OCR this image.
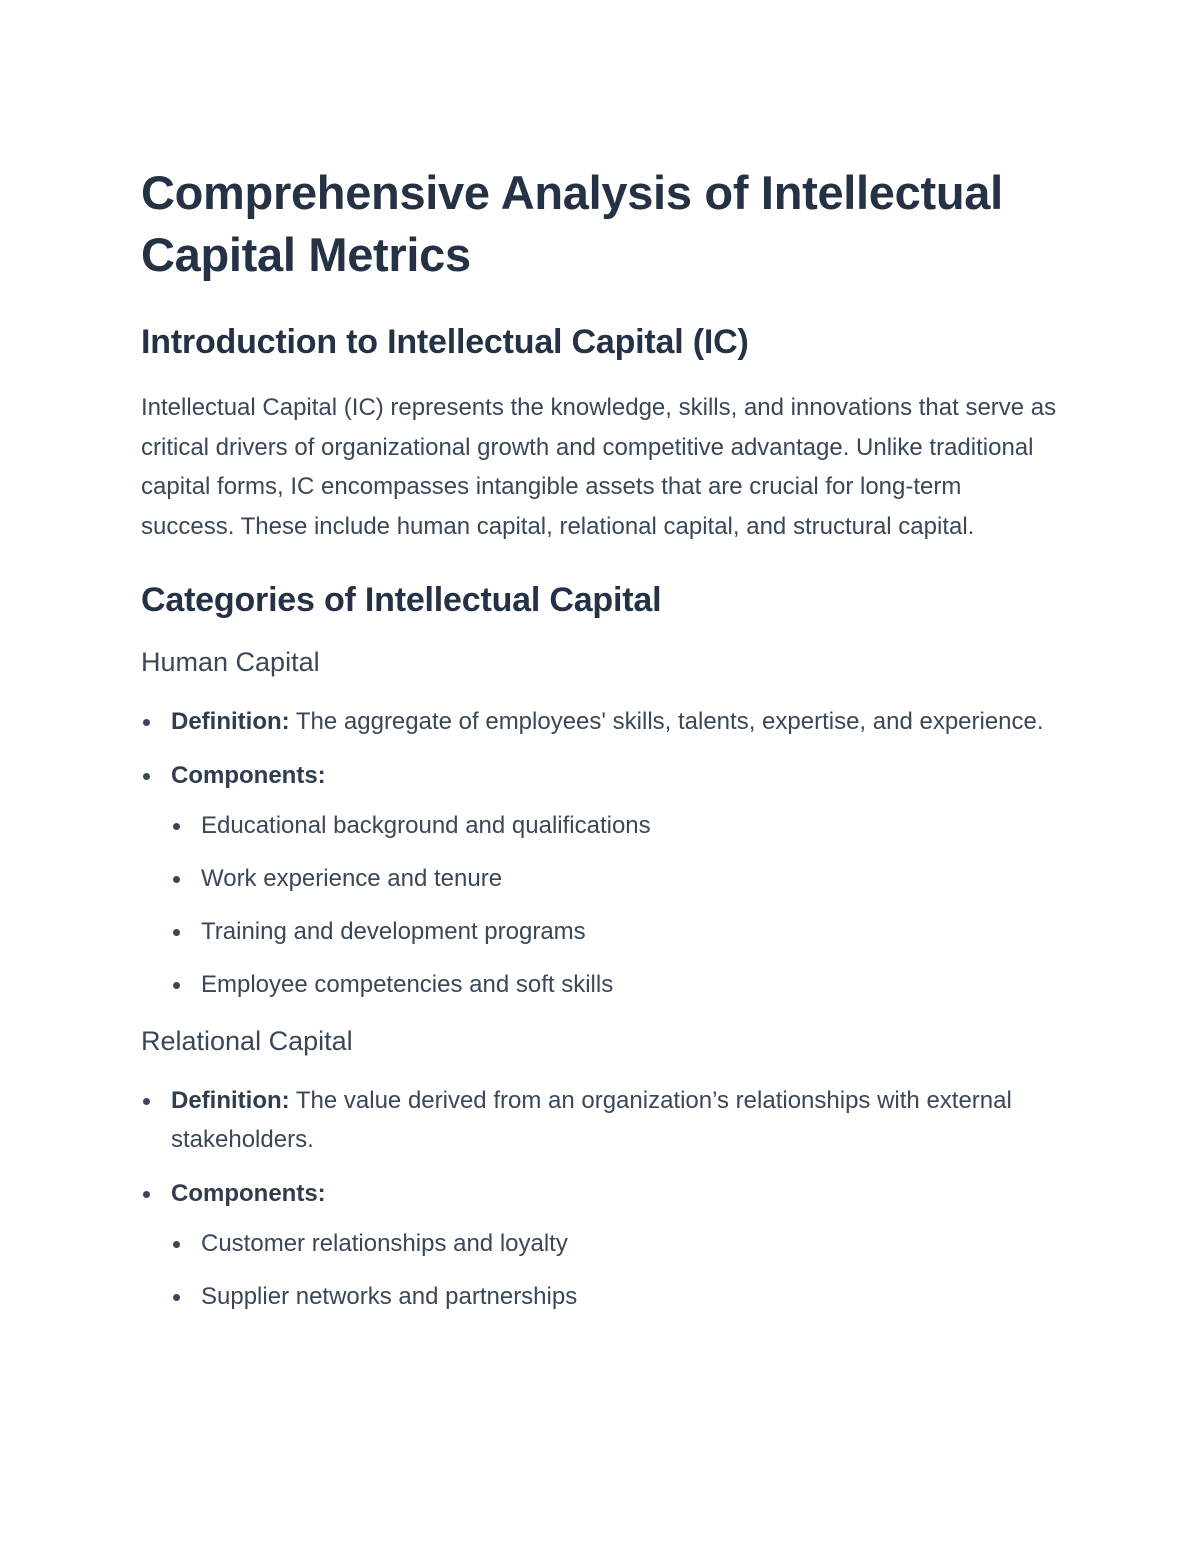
Comprehensive Analysis of Intellectual Capital Metrics
Introduction to Intellectual Capital (IC)

Intellectual Capital (IC) represents the knowledge, skills, and innovations that serve as critical drivers of organizational growth and competitive advantage. Unlike traditional capital forms, IC encompasses intangible assets that are crucial for long-term success. These include human capital, relational capital, and structural capital.

Categories of Intellectual Capital
Human Capital
Definition: The aggregate of employees' skills, talents, expertise, and experience.
Components:
Educational background and qualifications
Work experience and tenure
Training and development programs
Employee competencies and soft skills
Relational Capital
Definition: The value derived from an organization’s relationships with external stakeholders.
Components:
Customer relationships and loyalty
Supplier networks and partnerships
